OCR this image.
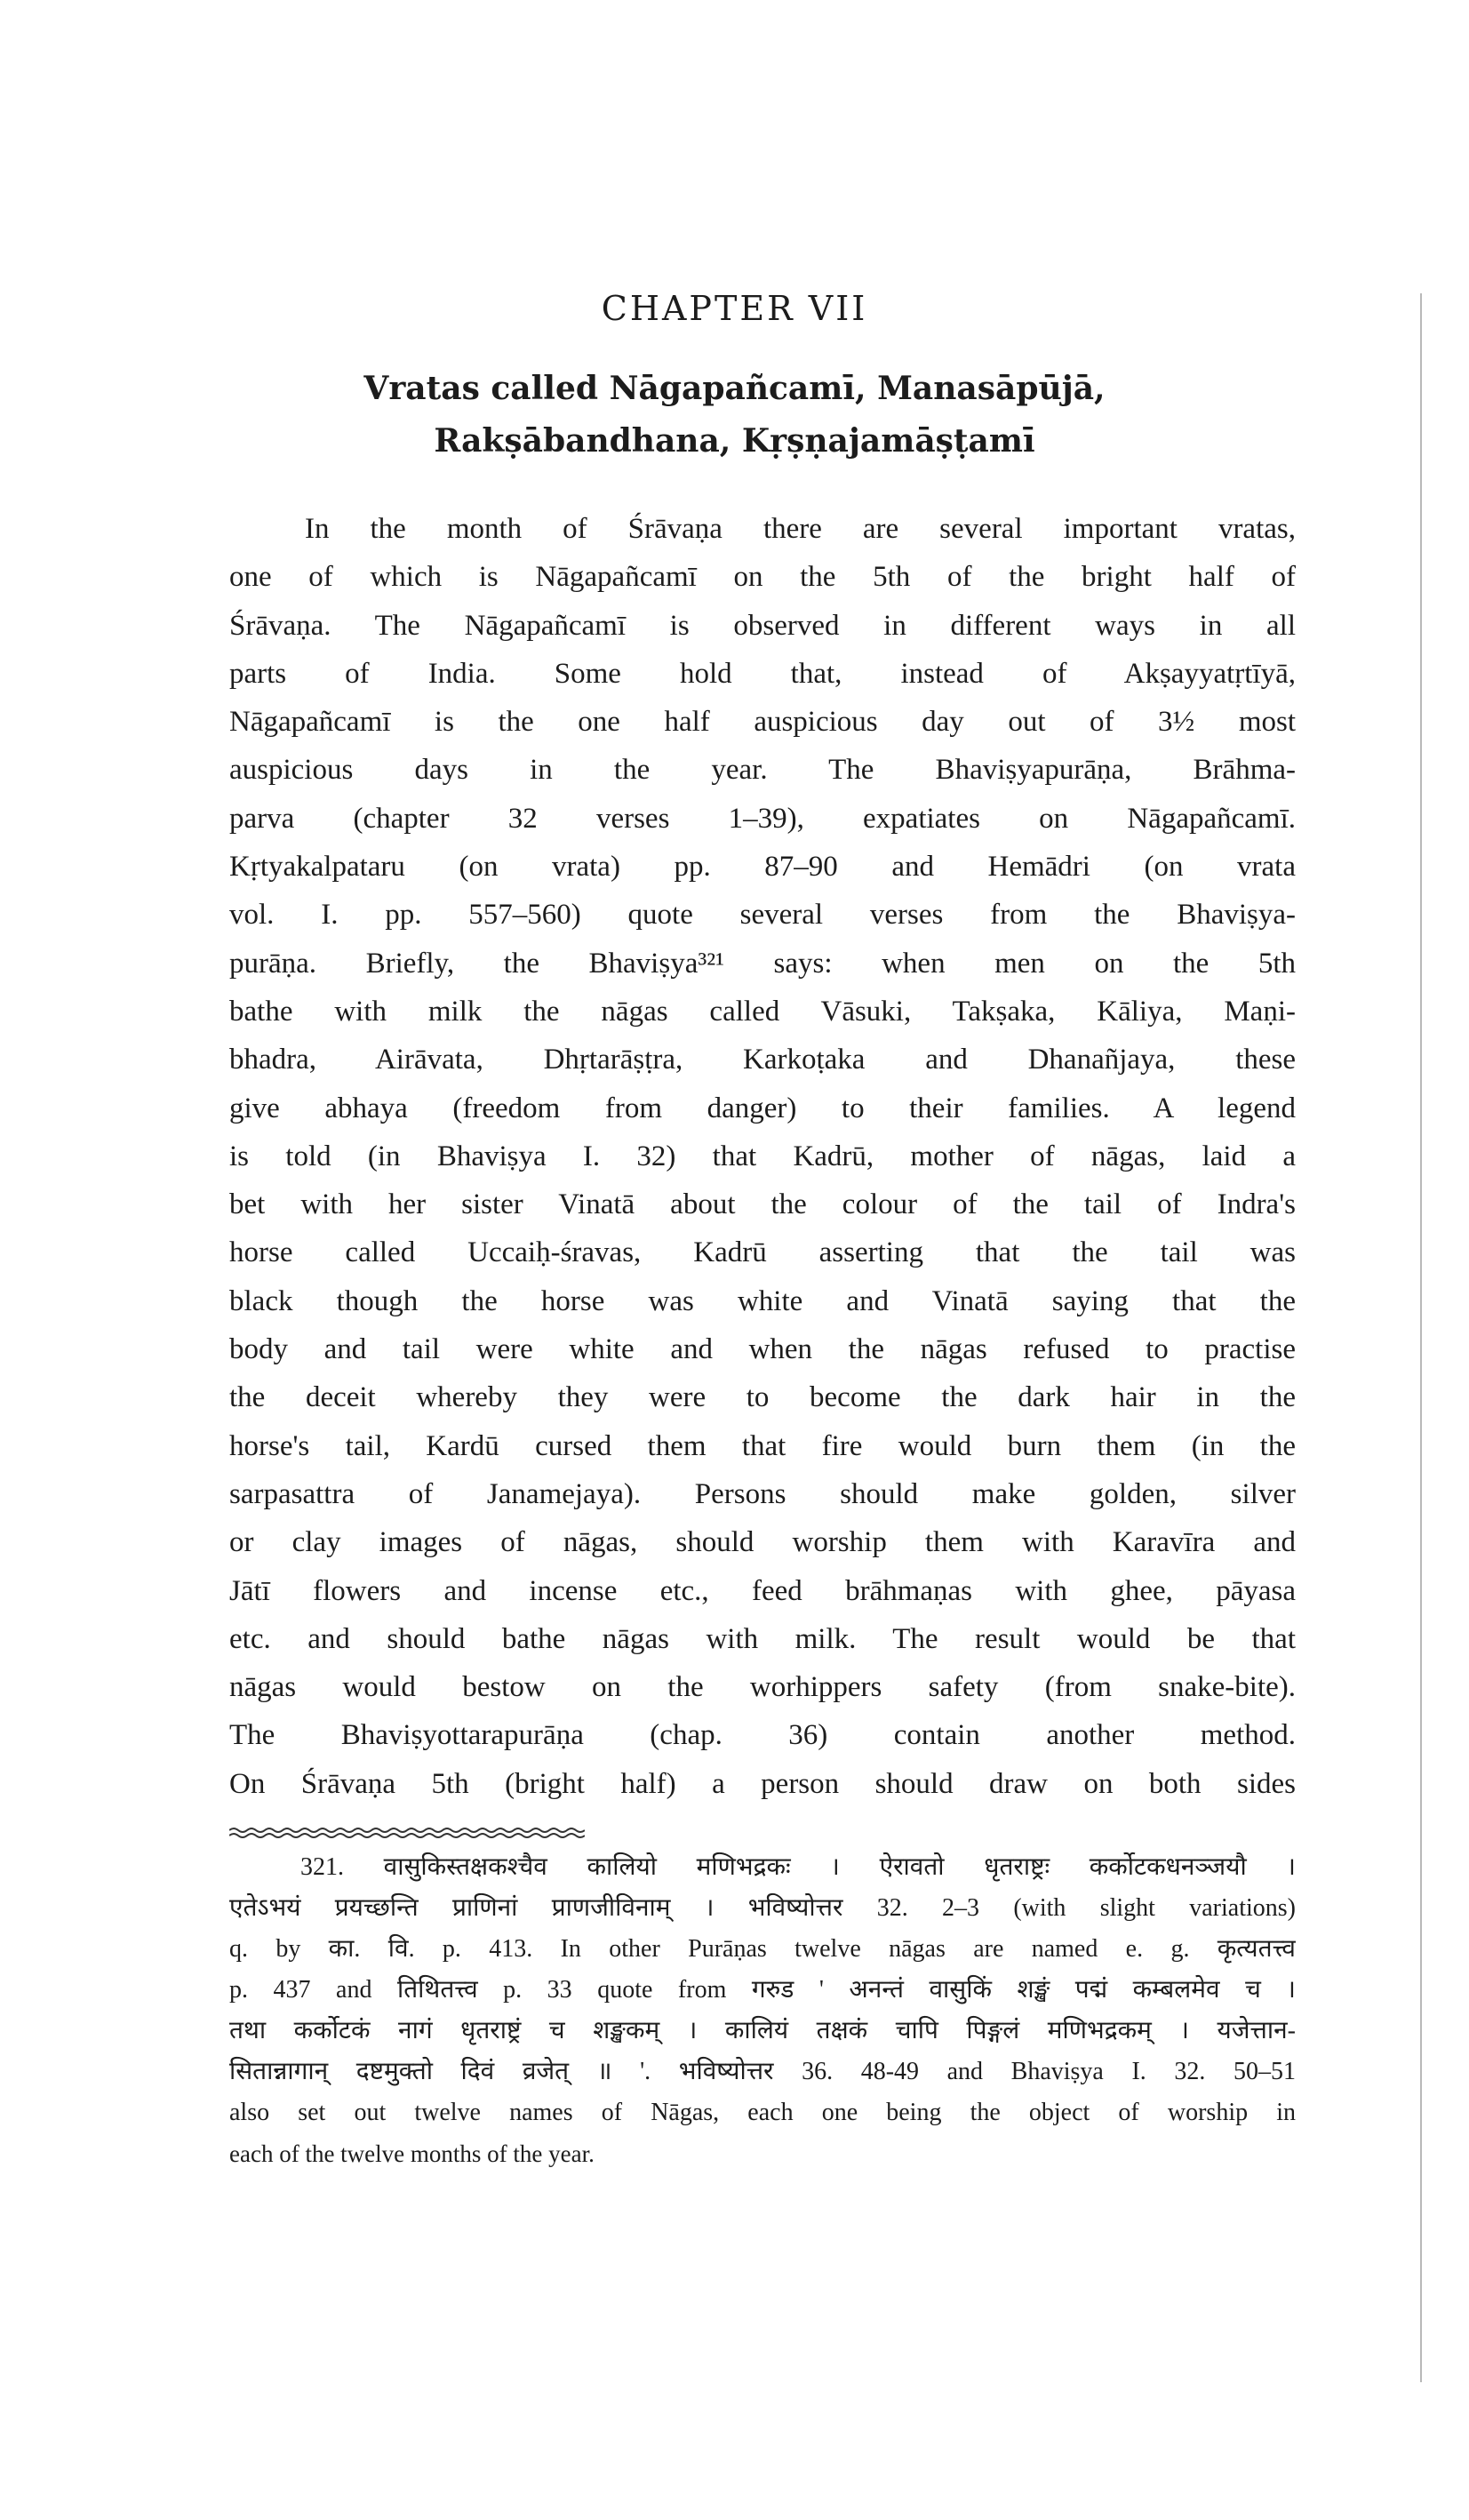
CHAPTER VII
Vratas called Nāgapañcamī, Manasāpūjā,
Rakṣābandhana, Kṛṣṇajamāṣṭamī
In the month of Śrāvaṇa there are several important vratas,
one of which is Nāgapañcamī on the 5th of the bright half of
Śrāvaṇa. The Nāgapañcamī is observed in different ways in all
parts of India. Some hold that, instead of Akṣayyatṛtīyā,
Nāgapañcamī is the one half auspicious day out of 3½ most
auspicious days in the year. The Bhaviṣyapurāṇa, Brāhma-
parva (chapter 32 verses 1–39), expatiates on Nāgapañcamī.
Kṛtyakalpataru (on vrata) pp. 87–90 and Hemādri (on vrata
vol. I. pp. 557–560) quote several verses from the Bhaviṣya-
purāṇa. Briefly, the Bhaviṣya³²¹ says: when men on the 5th
bathe with milk the nāgas called Vāsuki, Takṣaka, Kāliya, Maṇi-
bhadra, Airāvata, Dhṛtarāṣṭra, Karkoṭaka and Dhanañjaya, these
give abhaya (freedom from danger) to their families. A legend
is told (in Bhaviṣya I. 32) that Kadrū, mother of nāgas, laid a
bet with her sister Vinatā about the colour of the tail of Indra's
horse called Uccaiḥ-śravas, Kadrū asserting that the tail was
black though the horse was white and Vinatā saying that the
body and tail were white and when the nāgas refused to practise
the deceit whereby they were to become the dark hair in the
horse's tail, Kardū cursed them that fire would burn them (in the
sarpasattra of Janamejaya). Persons should make golden, silver
or clay images of nāgas, should worship them with Karavīra and
Jātī flowers and incense etc., feed brāhmaṇas with ghee, pāyasa
etc. and should bathe nāgas with milk. The result would be that
nāgas would bestow on the worhippers safety (from snake-bite).
The Bhaviṣyottarapurāṇa (chap. 36) contain another method.
On Śrāvaṇa 5th (bright half) a person should draw on both sides
321. वासुकिस्तक्षकश्चैव कालियो मणिभद्रकः । ऐरावतो धृतराष्ट्रः कर्कोटकधनञ्जयौ ।
एतेऽभयं प्रयच्छन्ति प्राणिनां प्राणजीविनाम् । भविष्योत्तर 32. 2–3 (with slight variations)
q. by का. वि. p. 413. In other Purāṇas twelve nāgas are named e. g. कृत्यतत्त्व
p. 437 and तिथितत्त्व p. 33 quote from गरुड ' अनन्तं वासुकिं शङ्खं पद्मं कम्बलमेव च ।
तथा कर्कोटकं नागं धृतराष्ट्रं च शङ्खकम् । कालियं तक्षकं चापि पिङ्गलं मणिभद्रकम् । यजेत्तान-
सितान्नागान् दष्टमुक्तो दिवं व्रजेत् ॥ '. भविष्योत्तर 36. 48-49 and Bhaviṣya I. 32. 50–51
also set out twelve names of Nāgas, each one being the object of worship in
each of the twelve months of the year.
